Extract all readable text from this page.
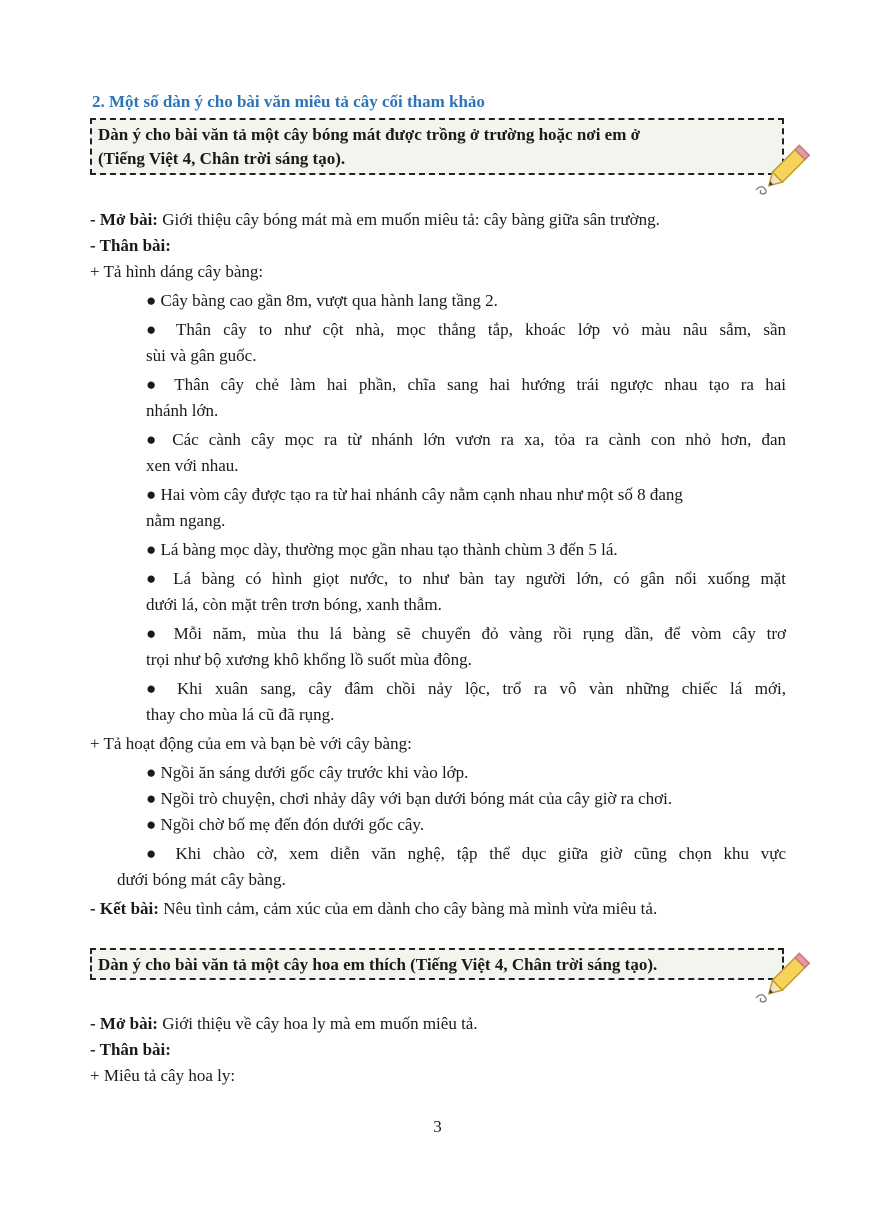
2. Một số dàn ý cho bài văn miêu tả cây cối tham khảo
Dàn ý cho bài văn tả một cây bóng mát được trồng ở trường hoặc nơi em ở
(Tiếng Việt 4, Chân trời sáng tạo).
- Mở bài: Giới thiệu cây bóng mát mà em muốn miêu tả: cây bàng giữa sân trường.
- Thân bài:
+ Tả hình dáng cây bàng:
● Cây bàng cao gần 8m, vượt qua hành lang tầng 2.
● Thân cây to như cột nhà, mọc thẳng tắp, khoác lớp vỏ màu nâu sẫm, sần
sùi và gân guốc.
● Thân cây chẻ làm hai phần, chĩa sang hai hướng trái ngược nhau tạo ra hai
nhánh lớn.
● Các cành cây mọc ra từ nhánh lớn vươn ra xa, tỏa ra cành con nhỏ hơn, đan
xen với nhau.
● Hai vòm cây được tạo ra từ hai nhánh cây nằm cạnh nhau như một số 8 đang
nằm ngang.
● Lá bàng mọc dày, thường mọc gần nhau tạo thành chùm 3 đến 5 lá.
● Lá bàng có hình giọt nước, to như bàn tay người lớn, có gân nổi xuống mặt
dưới lá, còn mặt trên trơn bóng, xanh thẫm.
● Mỗi năm, mùa thu lá bàng sẽ chuyển đỏ vàng rồi rụng dần, để vòm cây trơ
trọi như bộ xương khô khổng lồ suốt mùa đông.
● Khi xuân sang, cây đâm chồi nảy lộc, trổ ra vô vàn những chiếc lá mới,
thay cho mùa lá cũ đã rụng.
+ Tả hoạt động của em và bạn bè với cây bàng:
● Ngồi ăn sáng dưới gốc cây trước khi vào lớp.
● Ngồi trò chuyện, chơi nhảy dây với bạn dưới bóng mát của cây giờ ra chơi.
● Ngồi chờ bố mẹ đến đón dưới gốc cây.
● Khi chào cờ, xem diễn văn nghệ, tập thể dục giữa giờ cũng chọn khu vực
dưới bóng mát cây bàng.
- Kết bài: Nêu tình cảm, cảm xúc của em dành cho cây bàng mà mình vừa miêu tả.
Dàn ý cho bài văn tả một cây hoa em thích (Tiếng Việt 4, Chân trời sáng tạo).
- Mở bài: Giới thiệu về cây hoa ly mà em muốn miêu tả.
- Thân bài:
+ Miêu tả cây hoa ly:
3
